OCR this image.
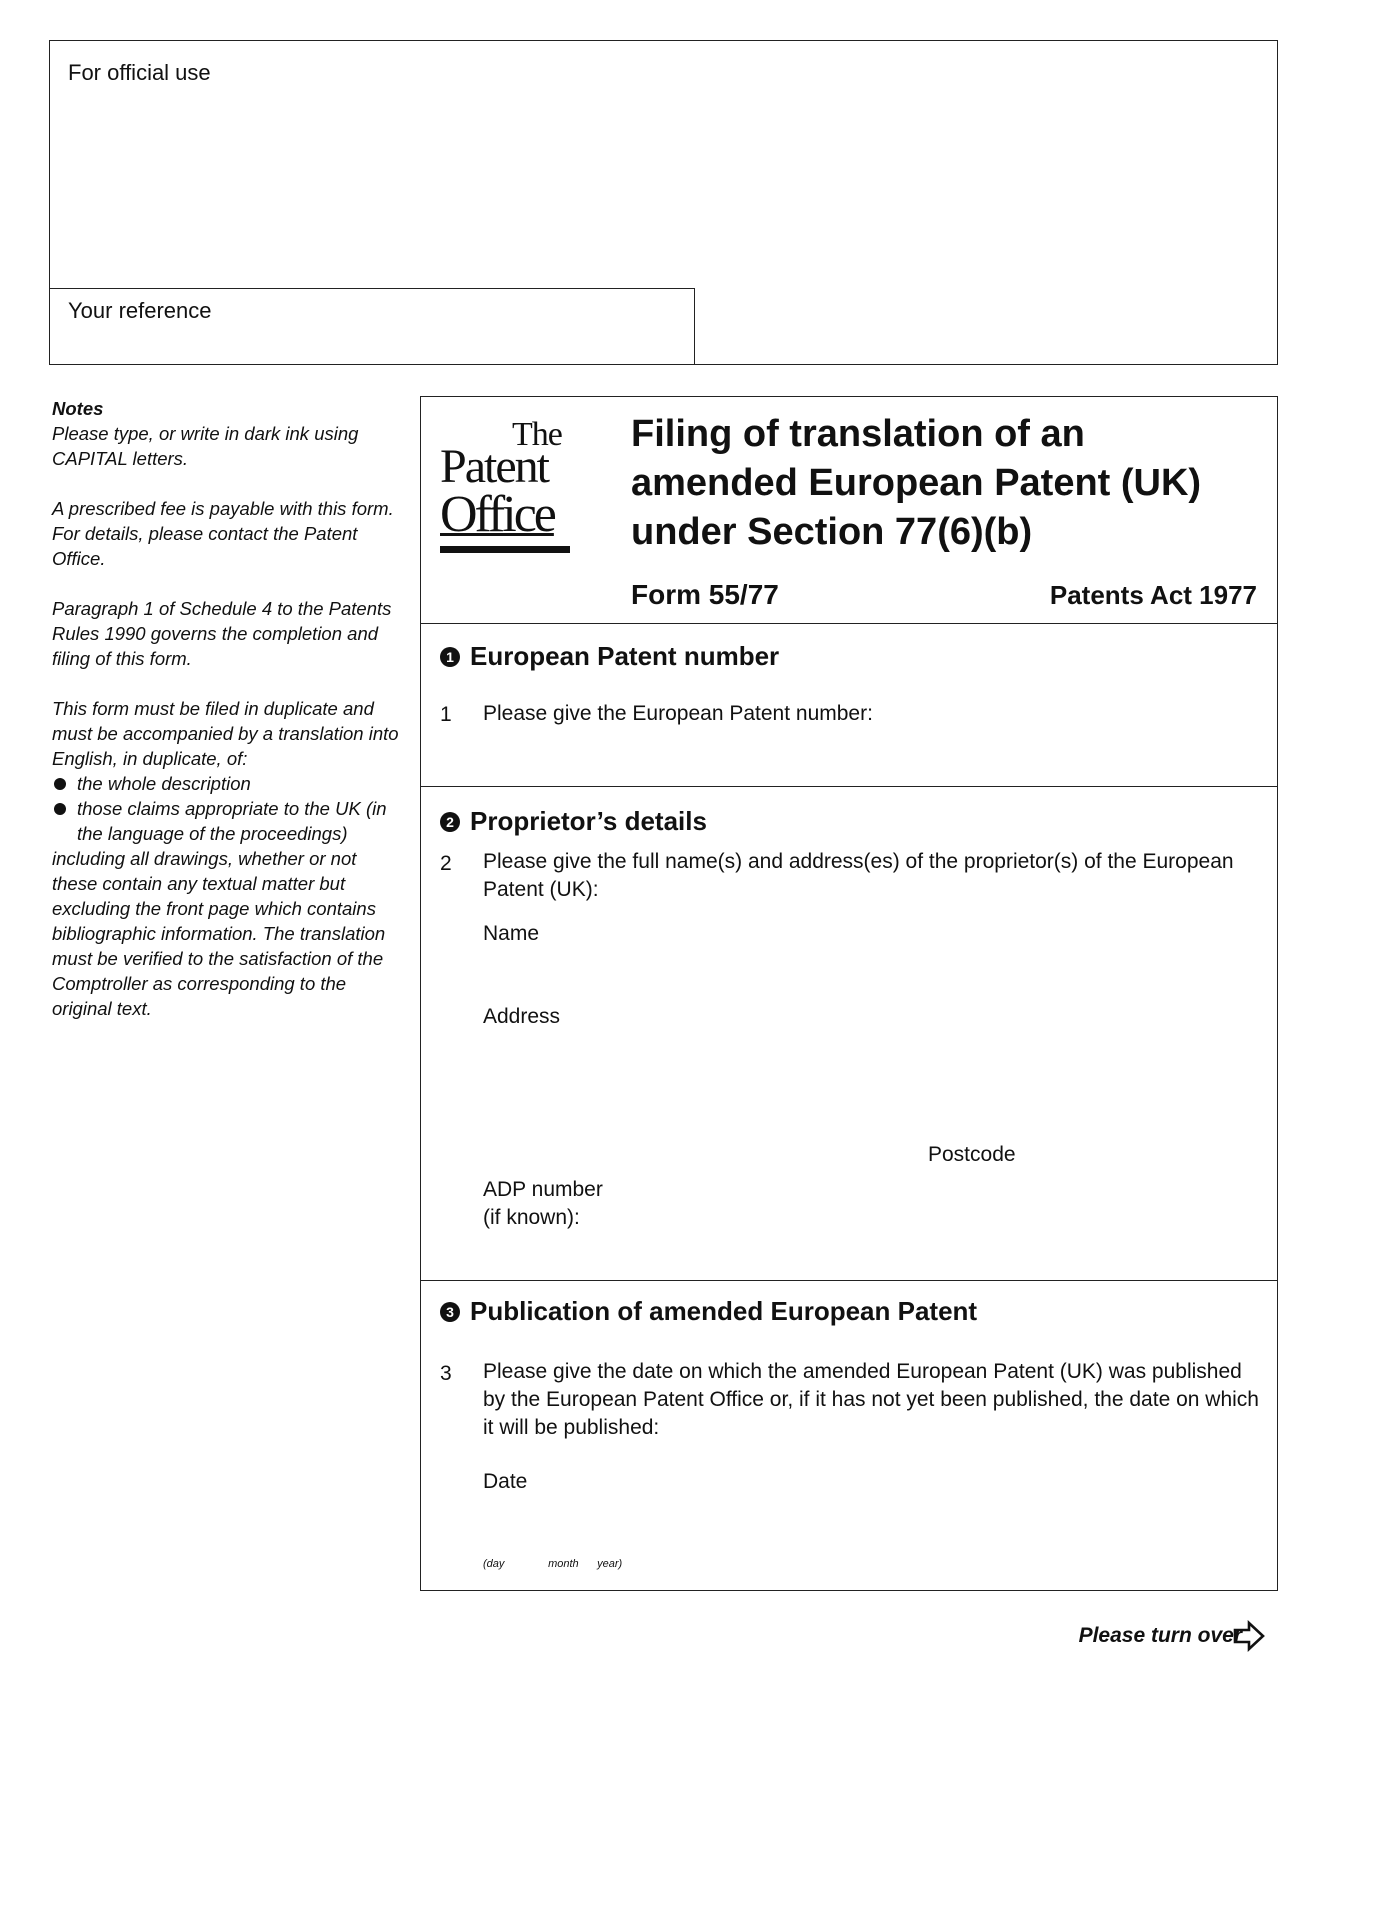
For official use
Your reference
Notes

Please type, or write in dark ink using CAPITAL letters.

A prescribed fee is payable with this form. For details, please contact the Patent Office.

Paragraph 1 of Schedule 4 to the Patents Rules 1990 governs the completion and filing of this form.

This form must be filed in duplicate and must be accompanied by a translation into English, in duplicate, of:
the whole description
those claims appropriate to the UK (in the language of the proceedings)
including all drawings, whether or not these contain any textual matter but excluding the front page which contains bibliographic information. The translation must be verified to the satisfaction of the Comptroller as corresponding to the original text.
The
Patent
Office
Filing of translation of an
amended European Patent (UK)
under Section 77(6)(b)
Form 55/77	Patents Act 1977
1 European Patent number
1 Please give the European Patent number:
2 Proprietor’s details
2 Please give the full name(s) and address(es) of the proprietor(s) of the European Patent (UK):
Name
Address
Postcode
ADP number
(if known):
3 Publication of amended European Patent
3 Please give the date on which the amended European Patent (UK) was published by the European Patent Office or, if it has not yet been published, the date on which it will be published:
Date
(day	month year)
Please turn over
